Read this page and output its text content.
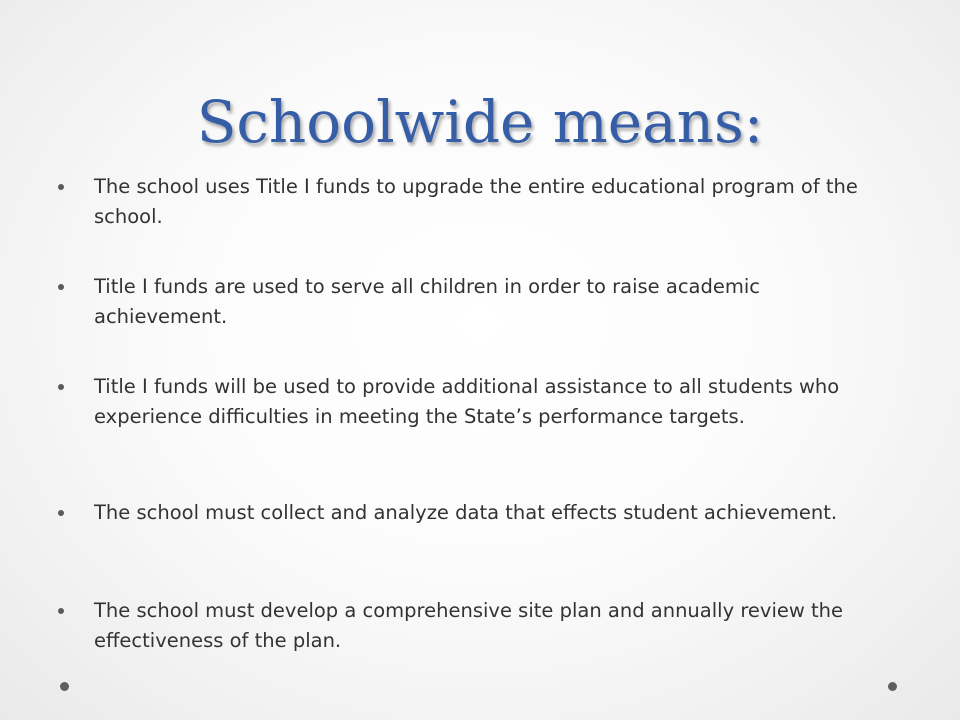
Schoolwide means:
The school uses Title I funds to upgrade the entire educational program of the school.
Title I funds are used to serve all children in order to raise academic achievement.
Title I funds will be used to provide additional assistance to all students who experience difficulties in meeting the State’s performance targets.
The school must collect and analyze data that effects student achievement.
The school must develop a comprehensive site plan and annually review the effectiveness of the plan.
